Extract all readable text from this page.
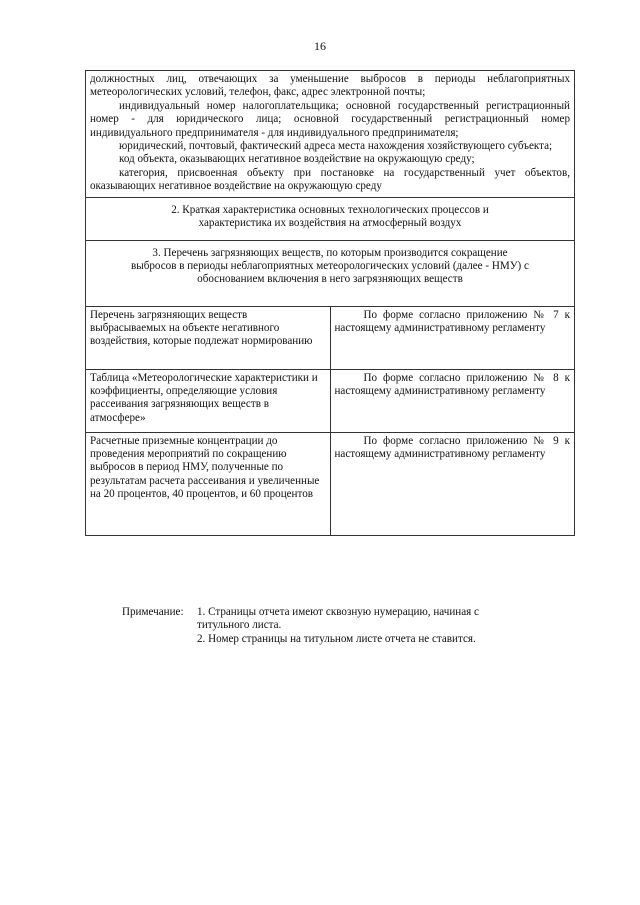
16

должностных лиц, отвечающих за уменьшение выбросов в периоды неблагоприятных метеорологических условий, телефон, факс, адрес электронной почты;

индивидуальный номер налогоплательщика; основной государственный регистрационный номер - для юридического лица; основной государственный регистрационный номер индивидуального предпринимателя - для индивидуального предпринимателя;

юридический, почтовый, фактический адреса места нахождения хозяйствующего субъекта;

код объекта, оказывающих негативное воздействие на окружающую среду;

категория, присвоенная объекту при постановке на государственный учет объектов, оказывающих негативное воздействие на окружающую среду	

2. Краткая характеристика основных технологических процессов и
характеристика их воздействия на атмосферный воздух	

3. Перечень загрязняющих веществ, по которым производится сокращение
выбросов в периоды неблагоприятных метеорологических условий (далее - НМУ) с
обоснованием включения в него загрязняющих веществ	

Перечень загрязняющих веществ выбрасываемых на объекте негативного воздействия, которые подлежат нормированию	По форме согласно приложению № 7 к настоящему административному регламенту

Таблица «Метеорологические характеристики и коэффициенты, определяющие условия рассеивания загрязняющих веществ в атмосфере»	По форме согласно приложению № 8 к настоящему административному регламенту

Расчетные приземные концентрации до проведения мероприятий по сокращению выбросов в период НМУ, полученные по результатам расчета рассеивания и увеличенные на 20 процентов, 40 процентов, и 60 процентов	По форме согласно приложению № 9 к настоящему административному регламенту

Примечание:	1. Страницы отчета имеют сквозную нумерацию, начиная с
титульного листа.
2. Номер страницы на титульном листе отчета не ставится.
